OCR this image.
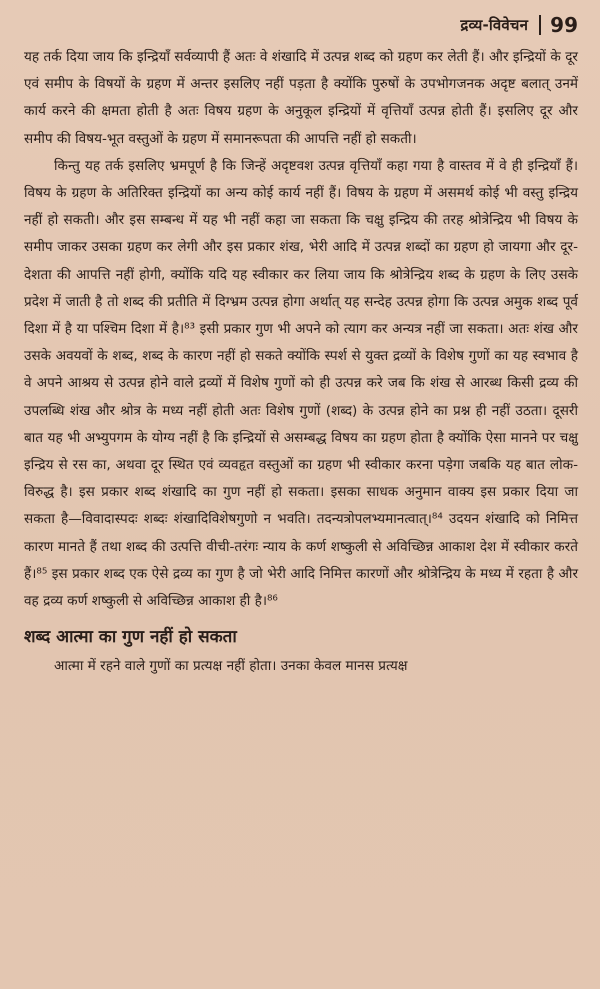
द्रव्य-विवेचन 99

यह तर्क दिया जाय कि इन्द्रियाँ सर्वव्यापी हैं अतः वे शंखादि में उत्पन्न शब्द को ग्रहण कर लेती हैं। और इन्द्रियों के दूर एवं समीप के विषयों के ग्रहण में अन्तर इसलिए नहीं पड़ता है क्योंकि पुरुषों के उपभोगजनक अदृष्ट बलात् उनमें कार्य करने की क्षमता होती है अतः विषय ग्रहण के अनुकूल इन्द्रियों में वृत्तियाँ उत्पन्न होती हैं। इसलिए दूर और समीप की विषय-भूत वस्तुओं के ग्रहण में समानरूपता की आपत्ति नहीं हो सकती।

किन्तु यह तर्क इसलिए भ्रमपूर्ण है कि जिन्हें अदृष्टवश उत्पन्न वृत्तियाँ कहा गया है वास्तव में वे ही इन्द्रियाँ हैं। विषय के ग्रहण के अतिरिक्त इन्द्रियों का अन्य कोई कार्य नहीं हैं। विषय के ग्रहण में असमर्थ कोई भी वस्तु इन्द्रिय नहीं हो सकती। और इस सम्बन्ध में यह भी नहीं कहा जा सकता कि चक्षु इन्द्रिय की तरह श्रोत्रेन्द्रिय भी विषय के समीप जाकर उसका ग्रहण कर लेगी और इस प्रकार शंख, भेरी आदि में उत्पन्न शब्दों का ग्रहण हो जायगा और दूर-देशता की आपत्ति नहीं होगी, क्योंकि यदि यह स्वीकार कर लिया जाय कि श्रोत्रेन्द्रिय शब्द के ग्रहण के लिए उसके प्रदेश में जाती है तो शब्द की प्रतीति में दिग्भ्रम उत्पन्न होगा अर्थात् यह सन्देह उत्पन्न होगा कि उत्पन्न अमुक शब्द पूर्व दिशा में है या पश्चिम दिशा में है।⁸³ इसी प्रकार गुण भी अपने को त्याग कर अन्यत्र नहीं जा सकता। अतः शंख और उसके अवयवों के शब्द, शब्द के कारण नहीं हो सकते क्योंकि स्पर्श से युक्त द्रव्यों के विशेष गुणों का यह स्वभाव है वे अपने आश्रय से उत्पन्न होने वाले द्रव्यों में विशेष गुणों को ही उत्पन्न करे जब कि शंख से आरब्ध किसी द्रव्य की उपलब्धि शंख और श्रोत्र के मध्य नहीं होती अतः विशेष गुणों (शब्द) के उत्पन्न होने का प्रश्न ही नहीं उठता। दूसरी बात यह भी अभ्युपगम के योग्य नहीं है कि इन्द्रियों से असम्बद्ध विषय का ग्रहण होता है क्योंकि ऐसा मानने पर चक्षु इन्द्रिय से रस का, अथवा दूर स्थित एवं व्यवहृत वस्तुओं का ग्रहण भी स्वीकार करना पड़ेगा जबकि यह बात लोक-विरुद्ध है। इस प्रकार शब्द शंखादि का गुण नहीं हो सकता। इसका साधक अनुमान वाक्य इस प्रकार दिया जा सकता है—विवादास्पदः शब्दः शंखादिविशेषगुणो न भवति। तदन्यत्रोपलभ्यमानत्वात्।⁸⁴ उदयन शंखादि को निमित्त कारण मानते हैं तथा शब्द की उत्पत्ति वीची-तरंगः न्याय के कर्ण शष्कुली से अविच्छिन्न आकाश देश में स्वीकार करते हैं।⁸⁵ इस प्रकार शब्द एक ऐसे द्रव्य का गुण है जो भेरी आदि निमित्त कारणों और श्रोत्रेन्द्रिय के मध्य में रहता है और वह द्रव्य कर्ण शष्कुली से अविच्छिन्न आकाश ही है।⁸⁶

शब्द आत्मा का गुण नहीं हो सकता

आत्मा में रहने वाले गुणों का प्रत्यक्ष नहीं होता। उनका केवल मानस प्रत्यक्ष
